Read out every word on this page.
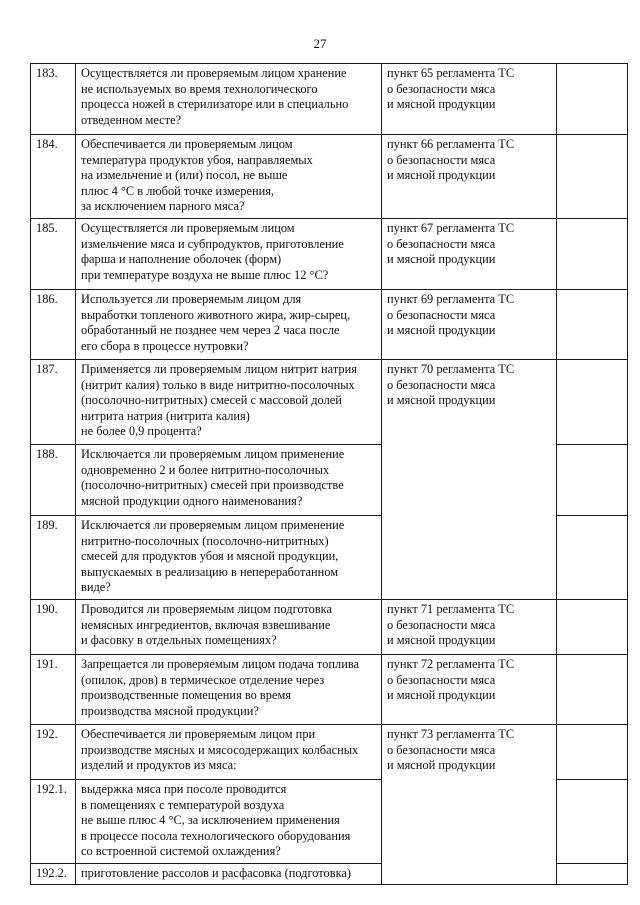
27
183.	Осуществляется ли проверяемым лицом хранение
не используемых во время технологического
процесса ножей в стерилизаторе или в специально
отведенном месте?
пункт 65 регламента ТС
о безопасности мяса
и мясной продукции
184.	Обеспечивается ли проверяемым лицом
температура продуктов убоя, направляемых
на измельчение и (или) посол, не выше
плюс 4 °С в любой точке измерения,
за исключением парного мяса?
пункт 66 регламента ТС
о безопасности мяса
и мясной продукции
185.	Осуществляется ли проверяемым лицом
измельчение мяса и субпродуктов, приготовление
фарша и наполнение оболочек (форм)
при температуре воздуха не выше плюс 12 °С?
пункт 67 регламента ТС
о безопасности мяса
и мясной продукции
186.	Используется ли проверяемым лицом для
выработки топленого животного жира, жир-сырец,
обработанный не позднее чем через 2 часа после
его сбора в процессе нутровки?
пункт 69 регламента ТС
о безопасности мяса
и мясной продукции
187.	Применяется ли проверяемым лицом нитрит натрия
(нитрит калия) только в виде нитритно-посолочных
(посолочно-нитритных) смесей с массовой долей
нитрита натрия (нитрита калия)
не более 0,9 процента?
пункт 70 регламента ТС
о безопасности мяса
и мясной продукции
188.	Исключается ли проверяемым лицом применение
одновременно 2 и более нитритно-посолочных
(посолочно-нитритных) смесей при производстве
мясной продукции одного наименования?
189.	Исключается ли проверяемым лицом применение
нитритно-посолочных (посолочно-нитритных)
смесей для продуктов убоя и мясной продукции,
выпускаемых в реализацию в непереработанном
виде?
190.	Проводится ли проверяемым лицом подготовка
немясных ингредиентов, включая взвешивание
и фасовку в отдельных помещениях?
пункт 71 регламента ТС
о безопасности мяса
и мясной продукции
191.	Запрещается ли проверяемым лицом подача топлива
(опилок, дров) в термическое отделение через
производственные помещения во время
производства мясной продукции?
пункт 72 регламента ТС
о безопасности мяса
и мясной продукции
192.	Обеспечивается ли проверяемым лицом при
производстве мясных и мясосодержащих колбасных
изделий и продуктов из мяса:
пункт 73 регламента ТС
о безопасности мяса
и мясной продукции
192.1.	выдержка мяса при посоле проводится
в помещениях с температурой воздуха
не выше плюс 4 °С, за исключением применения
в процессе посола технологического оборудования
со встроенной системой охлаждения?
192.2.	приготовление рассолов и расфасовка (подготовка)
